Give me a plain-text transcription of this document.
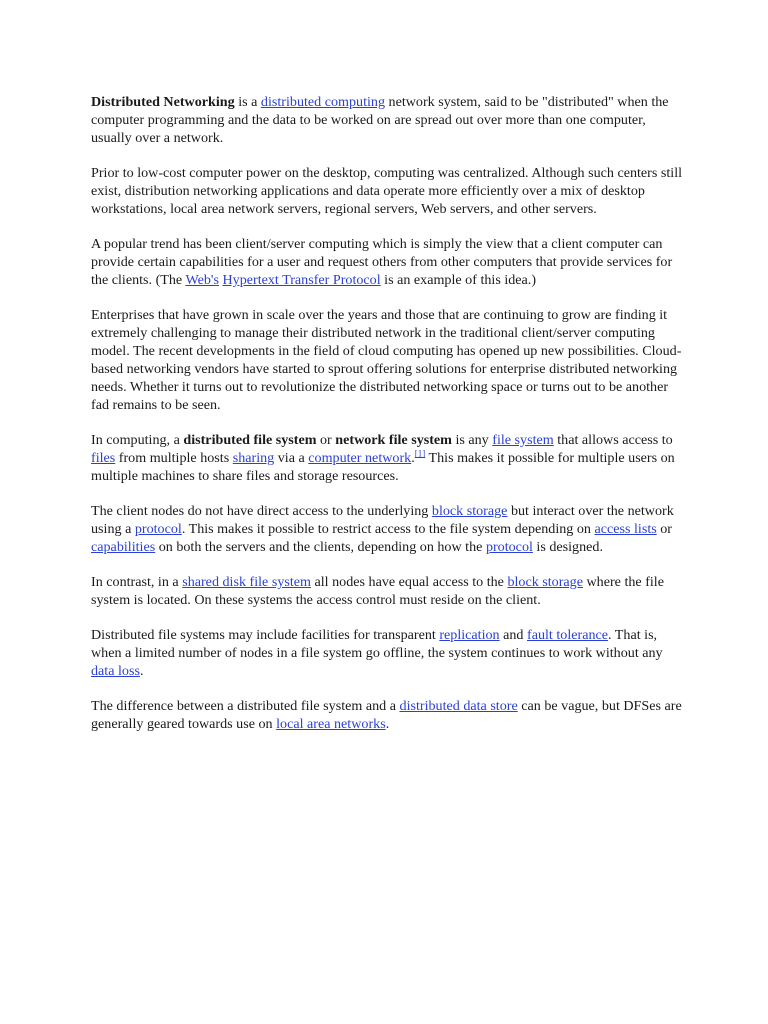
Distributed Networking is a distributed computing network system, said to be "distributed" when the computer programming and the data to be worked on are spread out over more than one computer, usually over a network.

Prior to low-cost computer power on the desktop, computing was centralized. Although such centers still exist, distribution networking applications and data operate more efficiently over a mix of desktop workstations, local area network servers, regional servers, Web servers, and other servers.

A popular trend has been client/server computing which is simply the view that a client computer can provide certain capabilities for a user and request others from other computers that provide services for the clients. (The Web's Hypertext Transfer Protocol is an example of this idea.)

Enterprises that have grown in scale over the years and those that are continuing to grow are finding it extremely challenging to manage their distributed network in the traditional client/server computing model. The recent developments in the field of cloud computing has opened up new possibilities. Cloud-based networking vendors have started to sprout offering solutions for enterprise distributed networking needs. Whether it turns out to revolutionize the distributed networking space or turns out to be another fad remains to be seen.

In computing, a distributed file system or network file system is any file system that allows access to files from multiple hosts sharing via a computer network.[1] This makes it possible for multiple users on multiple machines to share files and storage resources.

The client nodes do not have direct access to the underlying block storage but interact over the network using a protocol. This makes it possible to restrict access to the file system depending on access lists or capabilities on both the servers and the clients, depending on how the protocol is designed.

In contrast, in a shared disk file system all nodes have equal access to the block storage where the file system is located. On these systems the access control must reside on the client.

Distributed file systems may include facilities for transparent replication and fault tolerance. That is, when a limited number of nodes in a file system go offline, the system continues to work without any data loss.

The difference between a distributed file system and a distributed data store can be vague, but DFSes are generally geared towards use on local area networks.
